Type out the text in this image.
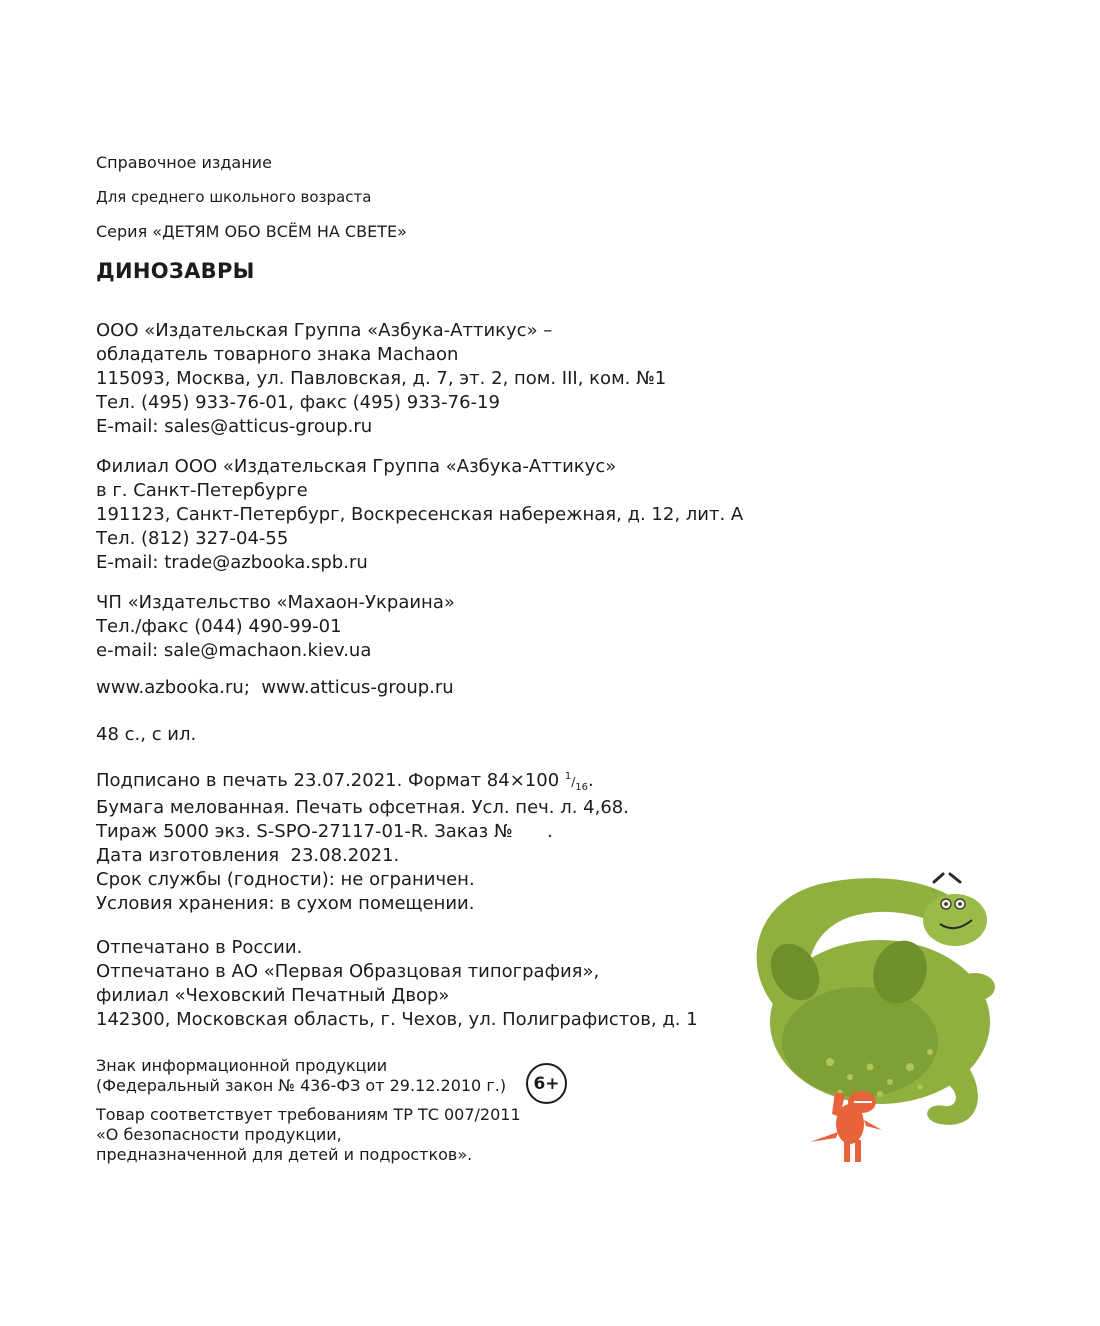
Справочное издание

Для среднего школьного возраста

Серия «ДЕТЯМ ОБО ВСЁМ НА СВЕТЕ»

ДИНОЗАВРЫ
ООО «Издательская Группа «Азбука-Аттикус» –
обладатель товарного знака Machaon
115093, Москва, ул. Павловская, д. 7, эт. 2, пом. III, ком. №1
Тел. (495) 933-76-01, факс (495) 933-76-19
E-mail: sales@atticus-group.ru
Филиал ООО «Издательская Группа «Азбука-Аттикус»
в г. Санкт-Петербурге
191123, Санкт-Петербург, Воскресенская набережная, д. 12, лит. А
Тел. (812) 327-04-55
E-mail: trade@azbooka.spb.ru
ЧП «Издательство «Махаон-Украина»
Тел./факс (044) 490-99-01
e-mail: sale@machaon.kiev.ua

www.azbooka.ru;  www.atticus-group.ru

48 с., с ил.

Подписано в печать 23.07.2021. Формат 84×100 $^1/_{16}$.
Бумага мелованная. Печать офсетная. Усл. печ. л. 4,68.
Тираж 5000 экз. S-SPO-27117-01-R. Заказ №      .
Дата изготовления  23.08.2021.
Срок службы (годности): не ограничен.
Условия хранения: в сухом помещении.
Отпечатано в России.
Отпечатано в АО «Первая Образцовая типография»,
филиал «Чеховский Печатный Двор»
142300, Московская область, г. Чехов, ул. Полиграфистов, д. 1
Знак информационной продукции
(Федеральный закон № 436-ФЗ от 29.12.2010 г.)	6+
Товар соответствует требованиям ТР ТС 007/2011
«О безопасности продукции,
предназначенной для детей и подростков».
